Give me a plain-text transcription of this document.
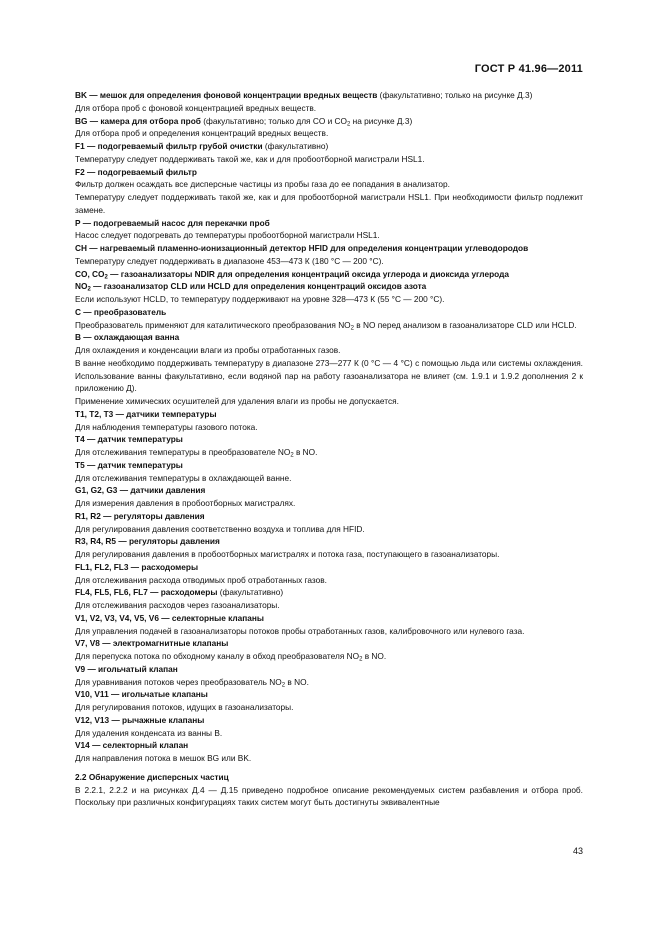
ГОСТ Р 41.96—2011

BK — мешок для определения фоновой концентрации вредных веществ (факультативно; только на рисунке Д.3)

Для отбора проб с фоновой концентрацией вредных веществ.

BG — камера для отбора проб (факультативно; только для CO и $CO_2$ на рисунке Д.3)

Для отбора проб и определения концентраций вредных веществ.

F1 — подогреваемый фильтр грубой очистки (факультативно)

Температуру следует поддерживать такой же, как и для пробоотборной магистрали HSL1.

F2 — подогреваемый фильтр

Фильтр должен осаждать все дисперсные частицы из пробы газа до ее попадания в анализатор.

Температуру следует поддерживать такой же, как и для пробоотборной магистрали HSL1. При необходимости фильтр подлежит замене.

P — подогреваемый насос для перекачки проб

Насос следует подогревать до температуры пробоотборной магистрали HSL1.

CH — нагреваемый пламенно-ионизационный детектор HFID для определения концентрации углеводородов

Температуру следует поддерживать в диапазоне 453—473 К (180 °C — 200 °C).

CO, $CO_2$ — газоанализаторы NDIR для определения концентраций оксида углерода и диоксида углерода

$NO_2$ — газоанализатор CLD или HCLD для определения концентраций оксидов азота

Если используют HCLD, то температуру поддерживают на уровне 328—473 К (55 °C — 200 °C).

C — преобразователь

Преобразователь применяют для каталитического преобразования $NO_2$ в NO перед анализом в газоанализаторе CLD или HCLD.

B — охлаждающая ванна

Для охлаждения и конденсации влаги из пробы отработанных газов.

В ванне необходимо поддерживать температуру в диапазоне 273—277 К (0 °C — 4 °C) с помощью льда или системы охлаждения. Использование ванны факультативно, если водяной пар на работу газоанализатора не влияет (см. 1.9.1 и 1.9.2 дополнения 2 к приложению Д).

Применение химических осушителей для удаления влаги из пробы не допускается.

T1, T2, T3 — датчики температуры

Для наблюдения температуры газового потока.

T4 — датчик температуры

Для отслеживания температуры в преобразователе $NO_2$ в NO.

T5 — датчик температуры

Для отслеживания температуры в охлаждающей ванне.

G1, G2, G3 — датчики давления

Для измерения давления в пробоотборных магистралях.

R1, R2 — регуляторы давления

Для регулирования давления соответственно воздуха и топлива для HFID.

R3, R4, R5 — регуляторы давления

Для регулирования давления в пробоотборных магистралях и потока газа, поступающего в газоанализаторы.

FL1, FL2, FL3 — расходомеры

Для отслеживания расхода отводимых проб отработанных газов.

FL4, FL5, FL6, FL7 — расходомеры (факультативно)

Для отслеживания расходов через газоанализаторы.

V1, V2, V3, V4, V5, V6 — селекторные клапаны

Для управления подачей в газоанализаторы потоков пробы отработанных газов, калибровочного или нулевого газа.

V7, V8 — электромагнитные клапаны

Для перепуска потока по обходному каналу в обход преобразователя $NO_2$ в NO.

V9 — игольчатый клапан

Для уравнивания потоков через преобразователь $NO_2$ в NO.

V10, V11 — игольчатые клапаны

Для регулирования потоков, идущих в газоанализаторы.

V12, V13 — рычажные клапаны

Для удаления конденсата из ванны B.

V14 — селекторный клапан

Для направления потока в мешок BG или BK.

2.2 Обнаружение дисперсных частиц

В 2.2.1, 2.2.2 и на рисунках Д.4 — Д.15 приведено подробное описание рекомендуемых систем разбавления и отбора проб. Поскольку при различных конфигурациях таких систем могут быть достигнуты эквивалентные

43
